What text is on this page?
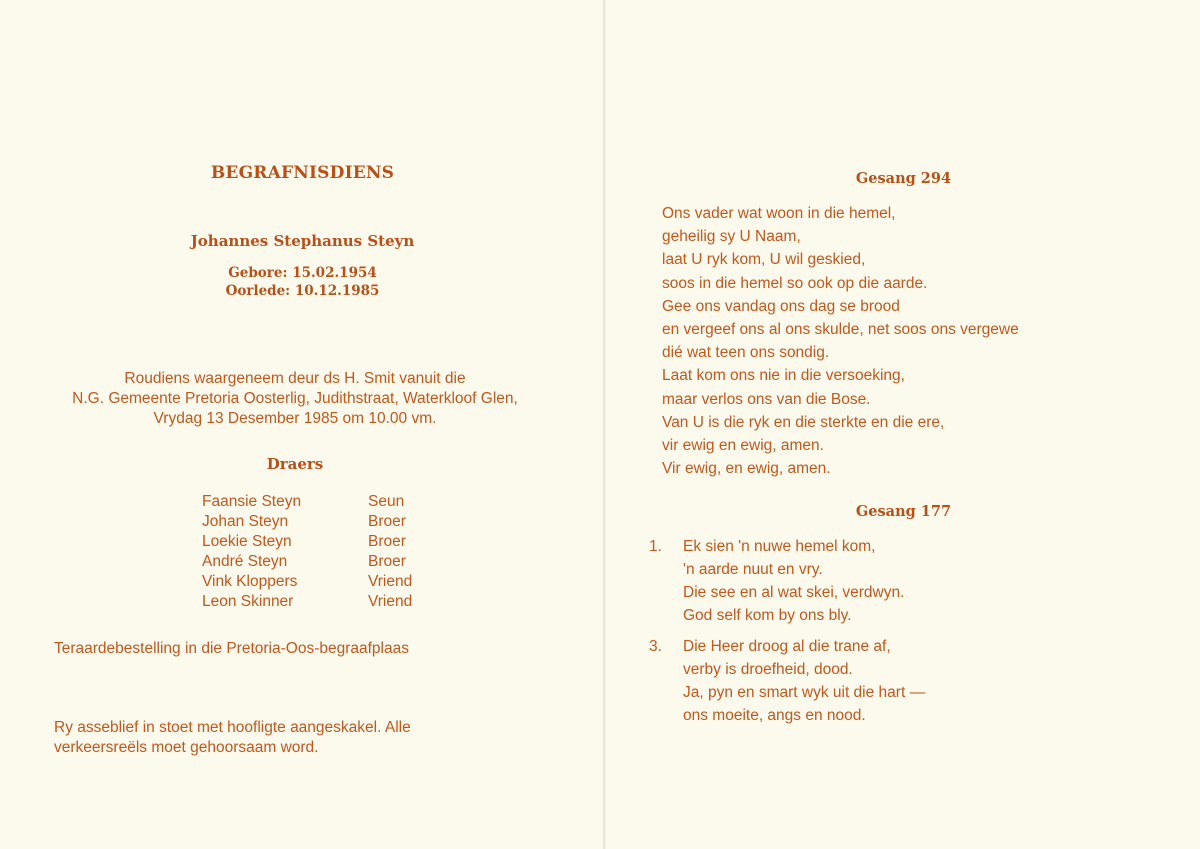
BEGRAFNISDIENS
Johannes Stephanus Steyn
Gebore: 15.02.1954
Oorlede: 10.12.1985
Roudiens waargeneem deur ds H. Smit vanuit die
N.G. Gemeente Pretoria Oosterlig, Judithstraat, Waterkloof Glen,
Vrydag 13 Desember 1985 om 10.00 vm.
Draers
Faansie Steyn	Seun
Johan Steyn	Broer
Loekie Steyn	Broer
André Steyn	Broer
Vink Kloppers	Vriend
Leon Skinner	Vriend
Teraardebestelling in die Pretoria-Oos-begraafplaas
Ry asseblief in stoet met hoofligte aangeskakel. Alle
verkeersreëls moet gehoorsaam word.
Gesang 294
Ons vader wat woon in die hemel,
geheilig sy U Naam,
laat U ryk kom, U wil geskied,
soos in die hemel so ook op die aarde.
Gee ons vandag ons dag se brood
en vergeef ons al ons skulde, net soos ons vergewe
dié wat teen ons sondig.
Laat kom ons nie in die versoeking,
maar verlos ons van die Bose.
Van U is die ryk en die sterkte en die ere,
vir ewig en ewig, amen.
Vir ewig, en ewig, amen.
Gesang 177
1.	Ek sien 'n nuwe hemel kom,
'n aarde nuut en vry.
Die see en al wat skei, verdwyn.
God self kom by ons bly.
3.	Die Heer droog al die trane af,
verby is droefheid, dood.
Ja, pyn en smart wyk uit die hart —
ons moeite, angs en nood.
